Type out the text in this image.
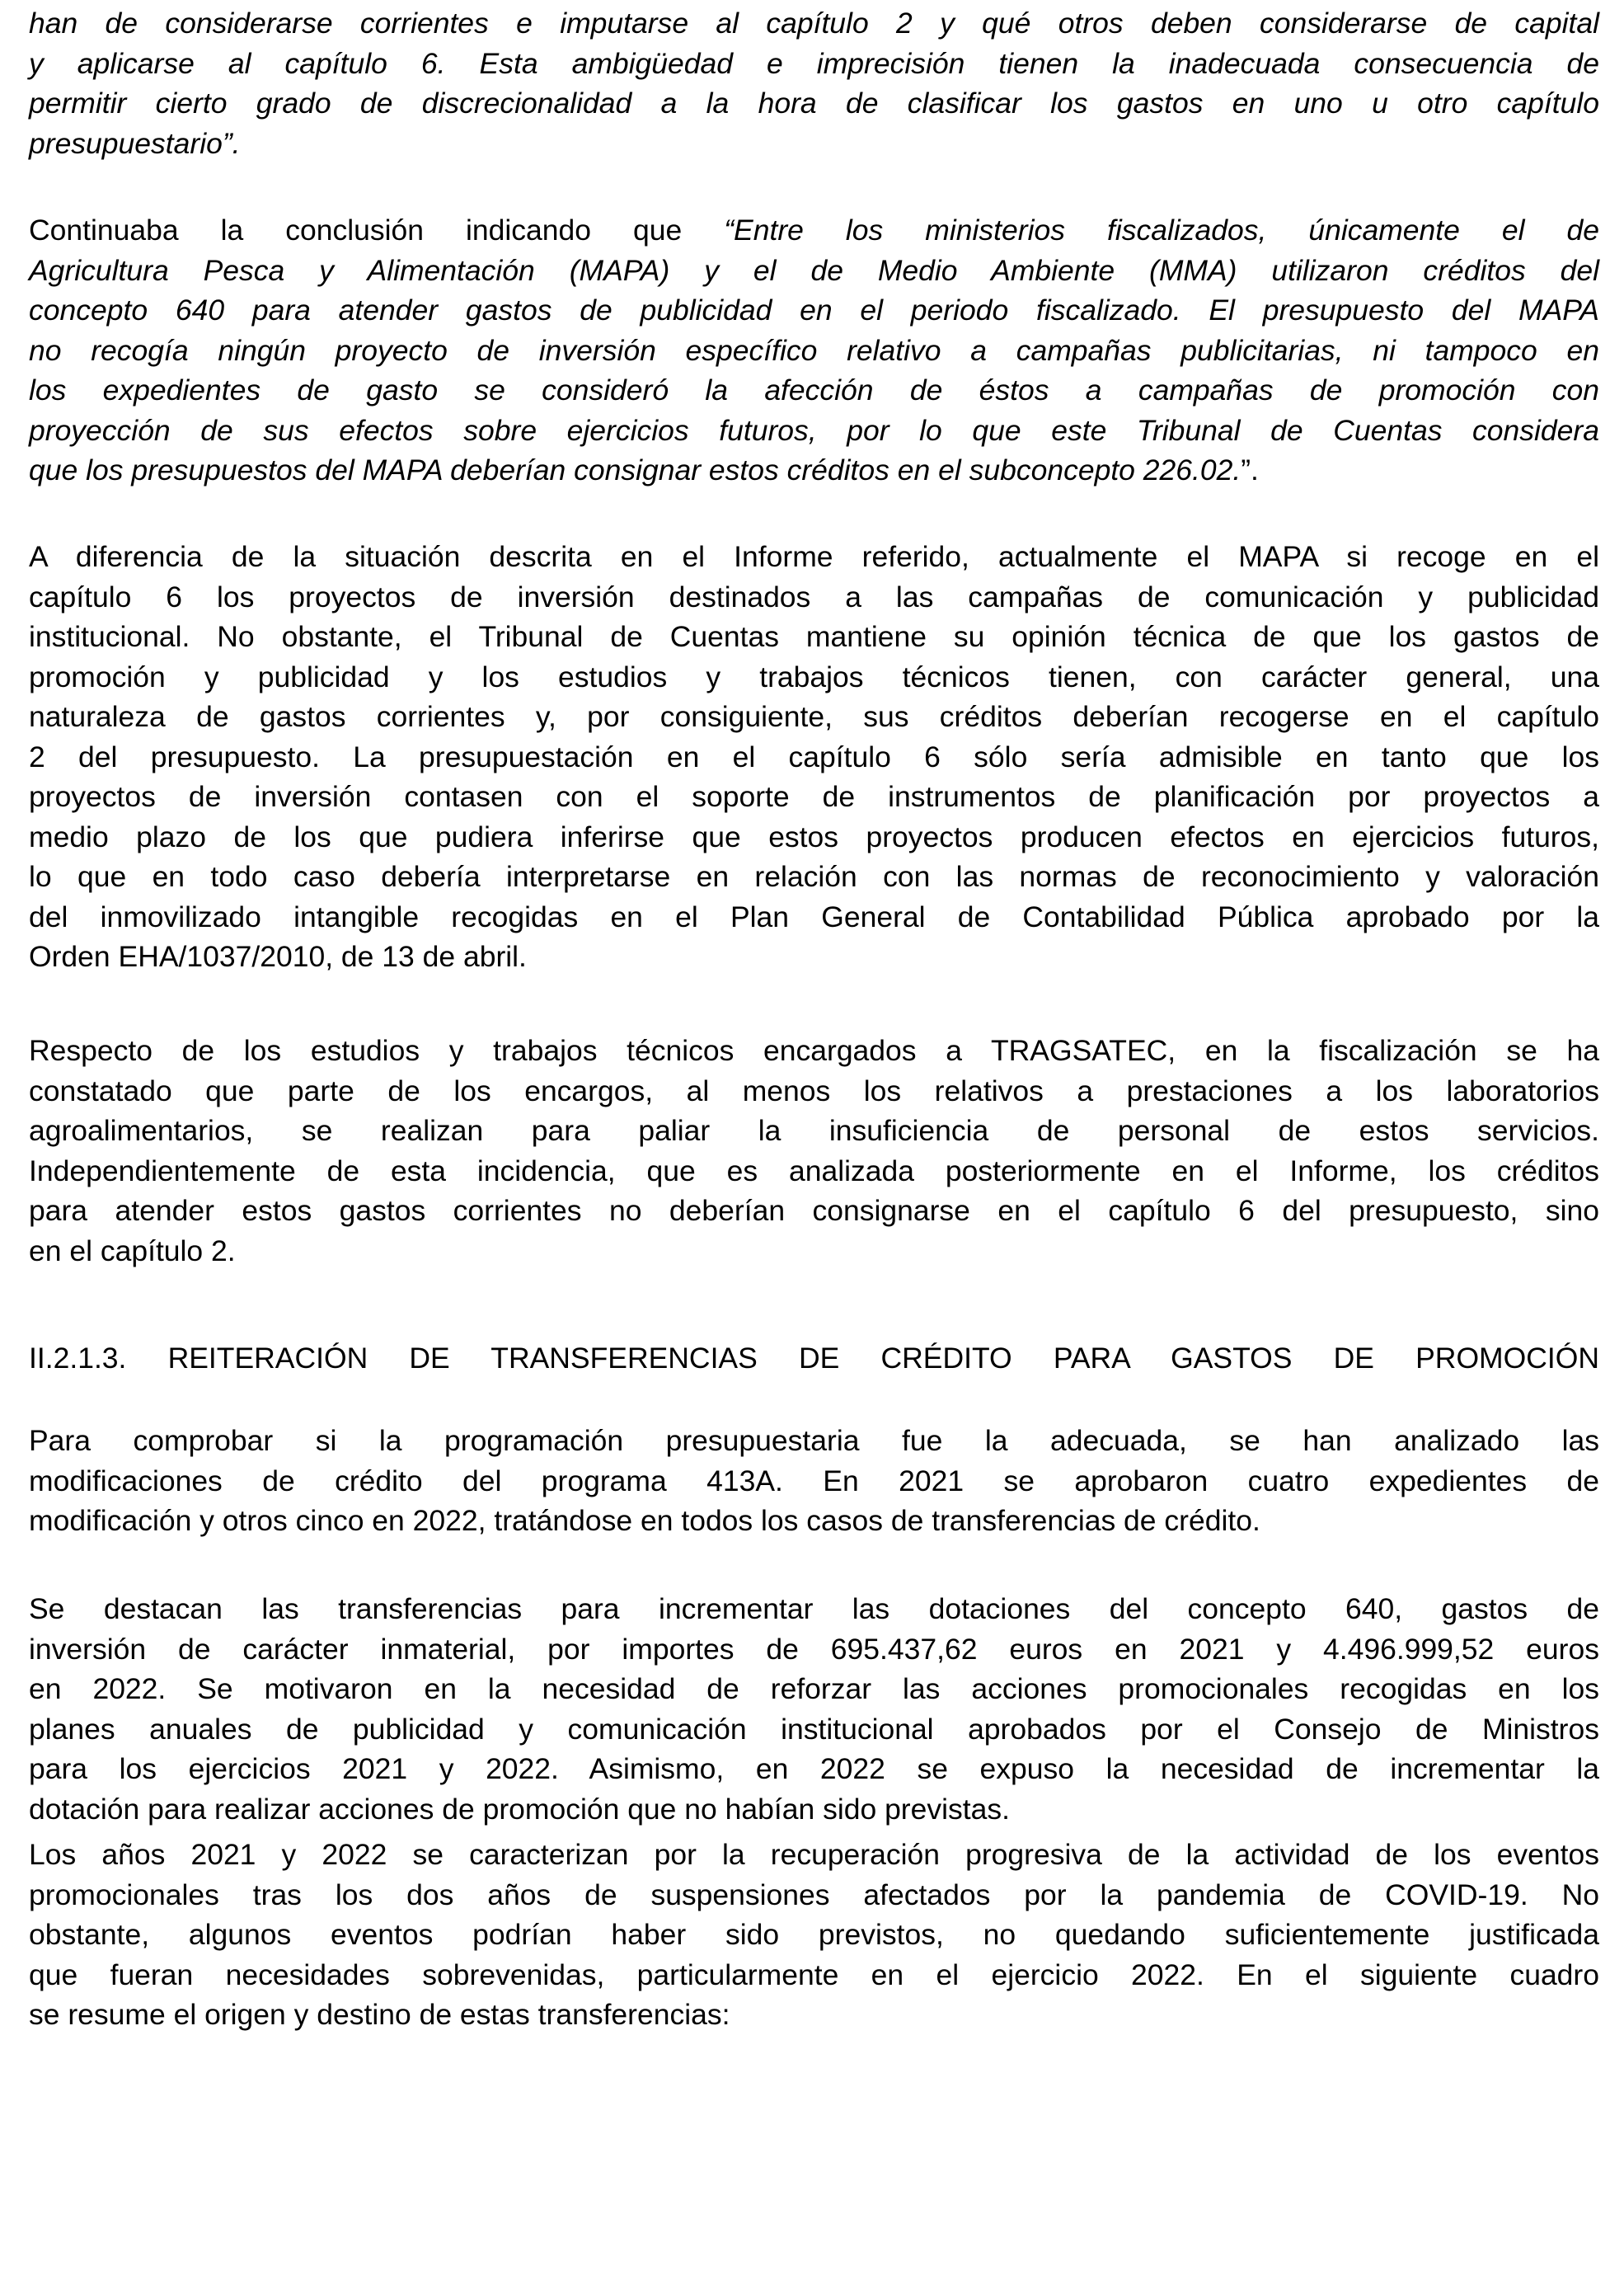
han de considerarse corrientes e imputarse al capítulo 2 y qué otros deben considerarse de capital
y aplicarse al capítulo 6. Esta ambigüedad e imprecisión tienen la inadecuada consecuencia de
permitir cierto grado de discrecionalidad a la hora de clasificar los gastos en uno u otro capítulo
presupuestario”.
Continuaba la conclusión indicando que “Entre los ministerios fiscalizados, únicamente el de
Agricultura Pesca y Alimentación (MAPA) y el de Medio Ambiente (MMA) utilizaron créditos del
concepto 640 para atender gastos de publicidad en el periodo fiscalizado. El presupuesto del MAPA
no recogía ningún proyecto de inversión específico relativo a campañas publicitarias, ni tampoco en
los expedientes de gasto se consideró la afección de éstos a campañas de promoción con
proyección de sus efectos sobre ejercicios futuros, por lo que este Tribunal de Cuentas considera
que los presupuestos del MAPA deberían consignar estos créditos en el subconcepto 226.02.”.
A diferencia de la situación descrita en el Informe referido, actualmente el MAPA si recoge en el
capítulo 6 los proyectos de inversión destinados a las campañas de comunicación y publicidad
institucional. No obstante, el Tribunal de Cuentas mantiene su opinión técnica de que los gastos de
promoción y publicidad y los estudios y trabajos técnicos tienen, con carácter general, una
naturaleza de gastos corrientes y, por consiguiente, sus créditos deberían recogerse en el capítulo
2 del presupuesto. La presupuestación en el capítulo 6 sólo sería admisible en tanto que los
proyectos de inversión contasen con el soporte de instrumentos de planificación por proyectos a
medio plazo de los que pudiera inferirse que estos proyectos producen efectos en ejercicios futuros,
lo que en todo caso debería interpretarse en relación con las normas de reconocimiento y valoración
del inmovilizado intangible recogidas en el Plan General de Contabilidad Pública aprobado por la
Orden EHA/1037/2010, de 13 de abril.
Respecto de los estudios y trabajos técnicos encargados a TRAGSATEC, en la fiscalización se ha
constatado que parte de los encargos, al menos los relativos a prestaciones a los laboratorios
agroalimentarios, se realizan para paliar la insuficiencia de personal de estos servicios.
Independientemente de esta incidencia, que es analizada posteriormente en el Informe, los créditos
para atender estos gastos corrientes no deberían consignarse en el capítulo 6 del presupuesto, sino
en el capítulo 2.
II.2.1.3. REITERACIÓN DE TRANSFERENCIAS DE CRÉDITO PARA GASTOS DE PROMOCIÓN
Para comprobar si la programación presupuestaria fue la adecuada, se han analizado las
modificaciones de crédito del programa 413A. En 2021 se aprobaron cuatro expedientes de
modificación y otros cinco en 2022, tratándose en todos los casos de transferencias de crédito.
Se destacan las transferencias para incrementar las dotaciones del concepto 640, gastos de
inversión de carácter inmaterial, por importes de 695.437,62 euros en 2021 y 4.496.999,52 euros
en 2022. Se motivaron en la necesidad de reforzar las acciones promocionales recogidas en los
planes anuales de publicidad y comunicación institucional aprobados por el Consejo de Ministros
para los ejercicios 2021 y 2022. Asimismo, en 2022 se expuso la necesidad de incrementar la
dotación para realizar acciones de promoción que no habían sido previstas.
Los años 2021 y 2022 se caracterizan por la recuperación progresiva de la actividad de los eventos
promocionales tras los dos años de suspensiones afectados por la pandemia de COVID-19. No
obstante, algunos eventos podrían haber sido previstos, no quedando suficientemente justificada
que fueran necesidades sobrevenidas, particularmente en el ejercicio 2022. En el siguiente cuadro
se resume el origen y destino de estas transferencias:
